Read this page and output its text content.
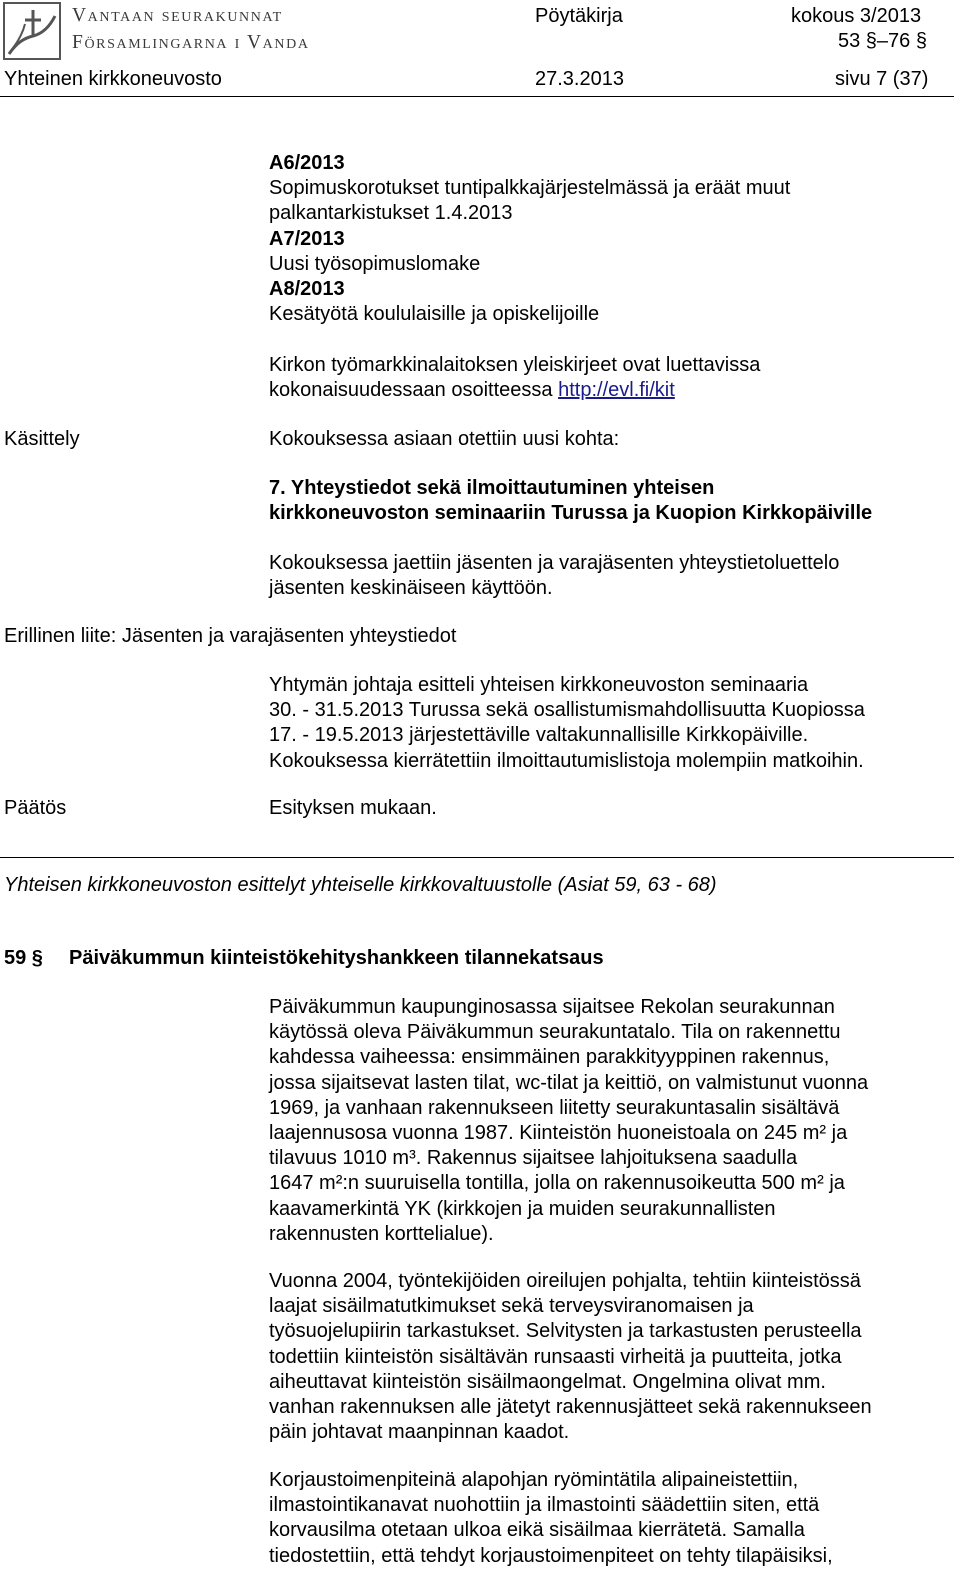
Vantaan seurakunnat
Församlingarna i Vanda
Pöytäkirja	kokous 3/2013
53 §–76 §
Yhteinen kirkkoneuvosto	27.3.2013	sivu 7 (37)
A6/2013
Sopimuskorotukset tuntipalkkajärjestelmässä ja eräät muut
palkantarkistukset 1.4.2013
A7/2013
Uusi työsopimuslomake
A8/2013
Kesätyötä koululaisille ja opiskelijoille
Kirkon työmarkkinalaitoksen yleiskirjeet ovat luettavissa
kokonaisuudessaan osoitteessa http://evl.fi/kit
Käsittely	Kokouksessa asiaan otettiin uusi kohta:
7. Yhteystiedot sekä ilmoittautuminen yhteisen
kirkkoneuvoston seminaariin Turussa ja Kuopion Kirkkopäiville
Kokouksessa jaettiin jäsenten ja varajäsenten yhteystietoluettelo
jäsenten keskinäiseen käyttöön.
Erillinen liite: Jäsenten ja varajäsenten yhteystiedot
Yhtymän johtaja esitteli yhteisen kirkkoneuvoston seminaaria
30. - 31.5.2013 Turussa sekä osallistumismahdollisuutta Kuopiossa
17. - 19.5.2013 järjestettäville valtakunnallisille Kirkkopäiville.
Kokouksessa kierrätettiin ilmoittautumislistoja molempiin matkoihin.
Päätös	Esityksen mukaan.
Yhteisen kirkkoneuvoston esittelyt yhteiselle kirkkovaltuustolle (Asiat 59, 63 - 68)
59 § Päiväkummun kiinteistökehityshankkeen tilannekatsaus
Päiväkummun kaupunginosassa sijaitsee Rekolan seurakunnan
käytössä oleva Päiväkummun seurakuntatalo. Tila on rakennettu
kahdessa vaiheessa: ensimmäinen parakkityyppinen rakennus,
jossa sijaitsevat lasten tilat, wc-tilat ja keittiö, on valmistunut vuonna
1969, ja vanhaan rakennukseen liitetty seurakuntasalin sisältävä
laajennusosa vuonna 1987. Kiinteistön huoneistoala on 245 m² ja
tilavuus 1010 m³. Rakennus sijaitsee lahjoituksena saadulla
1647 m²:n suuruisella tontilla, jolla on rakennusoikeutta 500 m² ja
kaavamerkintä YK (kirkkojen ja muiden seurakunnallisten
rakennusten korttelialue).
Vuonna 2004, työntekijöiden oireilujen pohjalta, tehtiin kiinteistössä
laajat sisäilmatutkimukset sekä terveysviranomaisen ja
työsuojelupiirin tarkastukset. Selvitysten ja tarkastusten perusteella
todettiin kiinteistön sisältävän runsaasti virheitä ja puutteita, jotka
aiheuttavat kiinteistön sisäilmaongelmat. Ongelmina olivat mm.
vanhan rakennuksen alle jätetyt rakennusjätteet sekä rakennukseen
päin johtavat maanpinnan kaadot.
Korjaustoimenpiteinä alapohjan ryömintätila alipaineistettiin,
ilmastointikanavat nuohottiin ja ilmastointi säädettiin siten, että
korvausilma otetaan ulkoa eikä sisäilmaa kierrätetä. Samalla
tiedostettiin, että tehdyt korjaustoimenpiteet on tehty tilapäisiksi,
